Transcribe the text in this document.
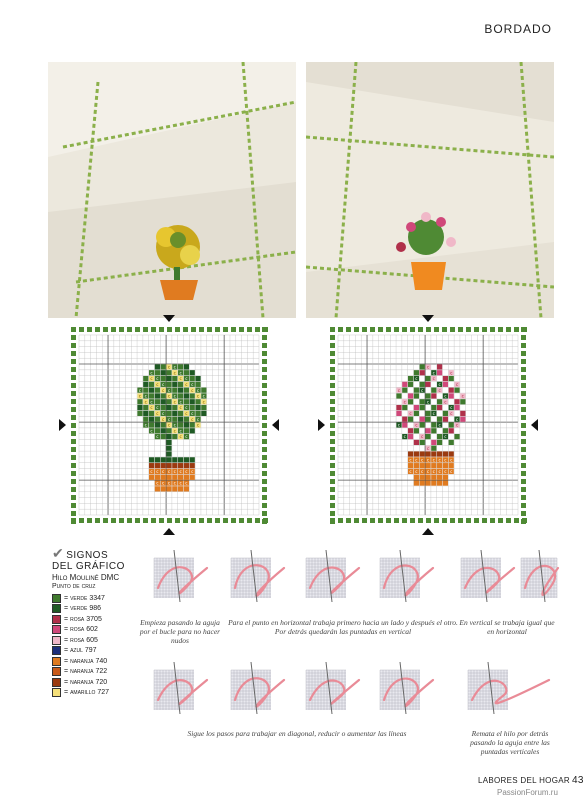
BORDADO
c c
c	c c
c c	c c
c c	c c
c	c c	c c
c c	c c	c c
c c	c c	c
c c	c c
c c	c c
c c	c c
c	c c	c
c	c c
c	c c
c c c c c c c c
c c c c c c
c
c	c
c	c
c	c
c	c	c
c	c
c	c	c
c
c	c	c
c
c	c	c	c
c	c	c
c
c c c c c c c c
c c c c c c c c
✔ SIGNOS
DEL GRÁFICO
Hilo Mouliné DMC
Punto de cruz
= verde 3347
= verde 986
= rosa 3705
= rosa 602
= rosa 605
= azul 797
= naranja 740
= naranja 722
= naranja 720
= amarillo 727
Empieza pasando la aguja por el bucle para no hacer nudos
Para el punto en horizontal trabaja primero hacia un lado y después el otro. Por detrás quedarán las puntadas en vertical
En vertical se trabaja igual que en horizontal
Sigue los pasos para trabajar en diagonal, reducir o aumentar las líneas	Remata el hilo por detrás pasando la aguja entre las puntadas verticales
LABORES DEL HOGAR 43
PassionForum.ru
